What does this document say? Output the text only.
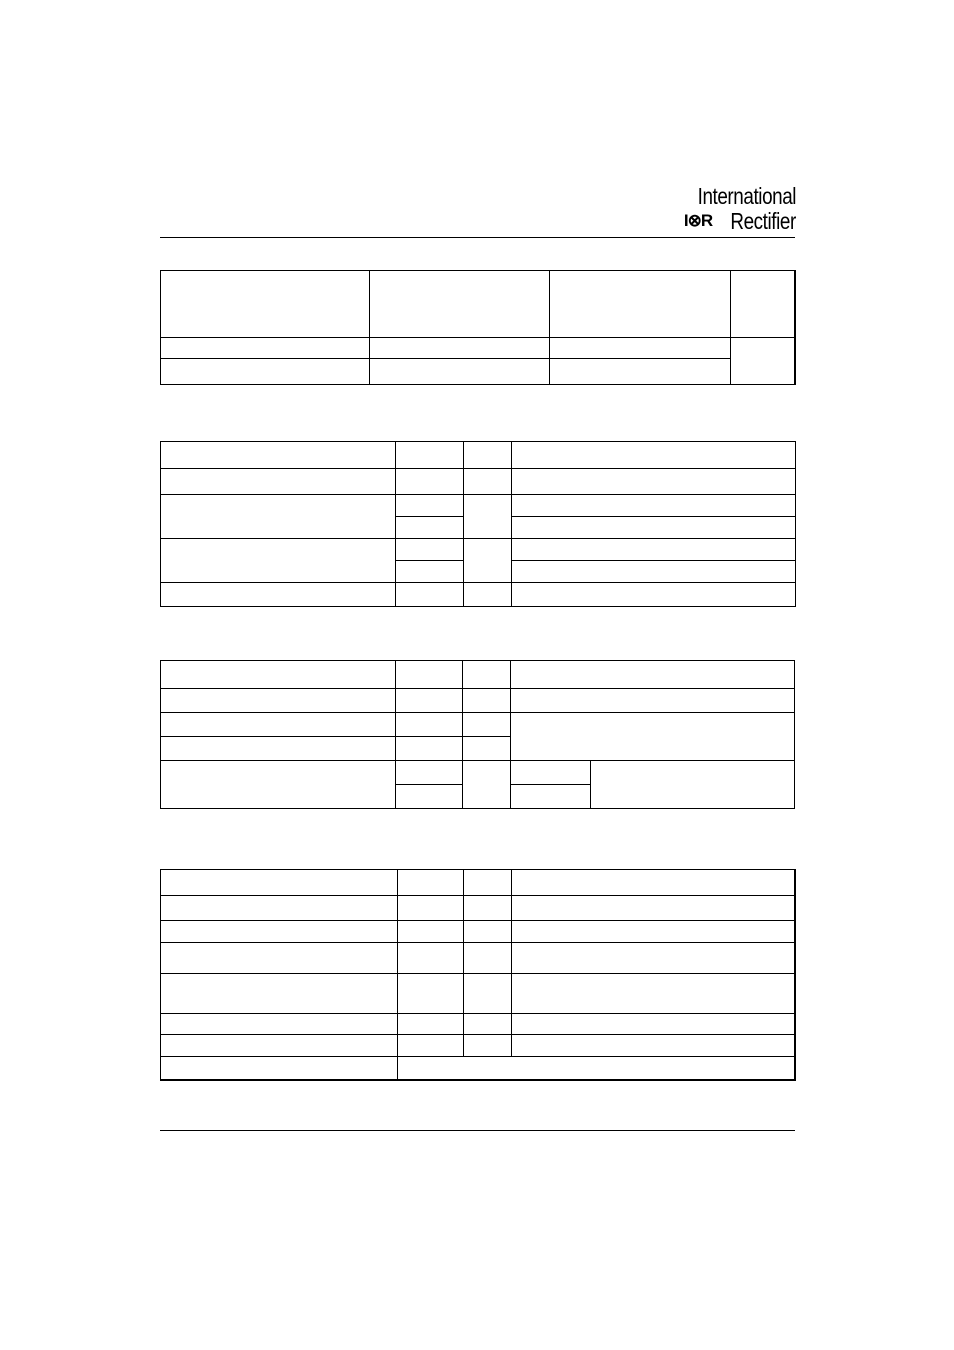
International
I⊗R Rectifier
